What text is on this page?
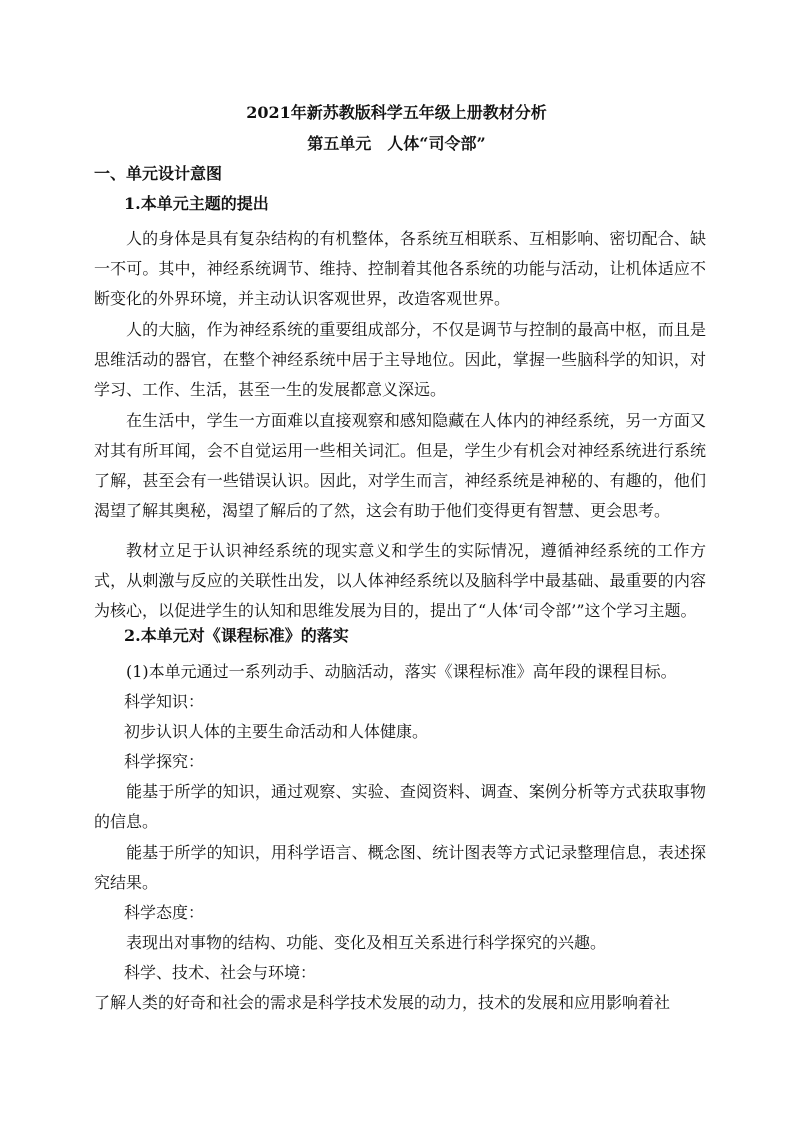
2021年新苏教版科学五年级上册教材分析

第五单元　人体“司令部”

一、单元设计意图

1.本单元主题的提出

人的身体是具有复杂结构的有机整体，各系统互相联系、互相影响、密切配合、缺一不可。其中，神经系统调节、维持、控制着其他各系统的功能与活动，让机体适应不断变化的外界环境，并主动认识客观世界，改造客观世界。

人的大脑，作为神经系统的重要组成部分，不仅是调节与控制的最高中枢，而且是思维活动的器官，在整个神经系统中居于主导地位。因此，掌握一些脑科学的知识，对学习、工作、生活，甚至一生的发展都意义深远。

在生活中，学生一方面难以直接观察和感知隐藏在人体内的神经系统，另一方面又对其有所耳闻，会不自觉运用一些相关词汇。但是，学生少有机会对神经系统进行系统了解，甚至会有一些错误认识。因此，对学生而言，神经系统是神秘的、有趣的，他们渴望了解其奥秘，渴望了解后的了然，这会有助于他们变得更有智慧、更会思考。

教材立足于认识神经系统的现实意义和学生的实际情况，遵循神经系统的工作方式，从刺激与反应的关联性出发，以人体神经系统以及脑科学中最基础、最重要的内容为核心，以促进学生的认知和思维发展为目的，提出了“人体‘司令部’”这个学习主题。

2.本单元对《课程标准》的落实

(1)本单元通过一系列动手、动脑活动，落实《课程标准》高年段的课程目标。

科学知识：

初步认识人体的主要生命活动和人体健康。

科学探究：

能基于所学的知识，通过观察、实验、查阅资料、调查、案例分析等方式获取事物的信息。

能基于所学的知识，用科学语言、概念图、统计图表等方式记录整理信息，表述探究结果。

科学态度：

表现出对事物的结构、功能、变化及相互关系进行科学探究的兴趣。

科学、技术、社会与环境：

了解人类的好奇和社会的需求是科学技术发展的动力，技术的发展和应用影响着社
